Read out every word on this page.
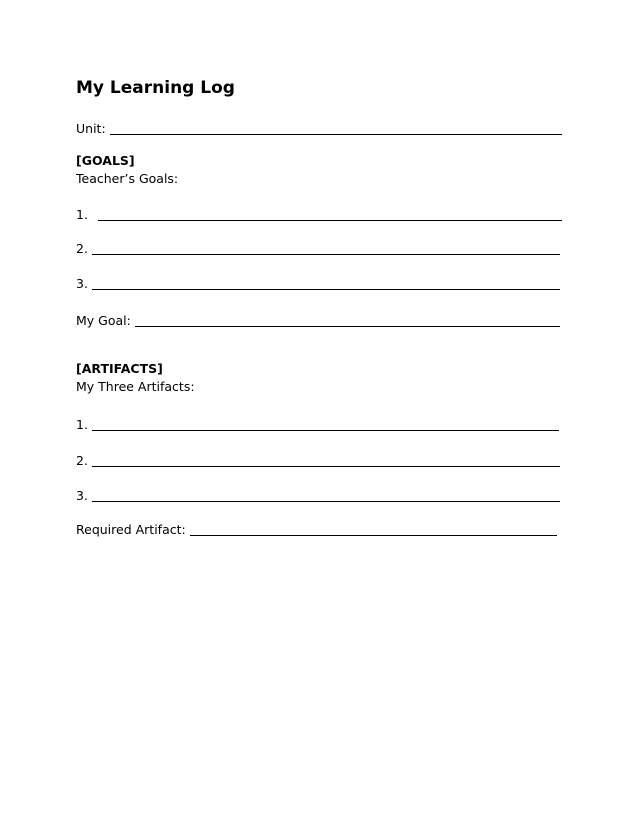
My Learning Log
Unit:
[GOALS]
Teacher’s Goals:
1.
2.
3.
My Goal:
[ARTIFACTS]
My Three Artifacts:
1.
2.
3.
Required Artifact:
